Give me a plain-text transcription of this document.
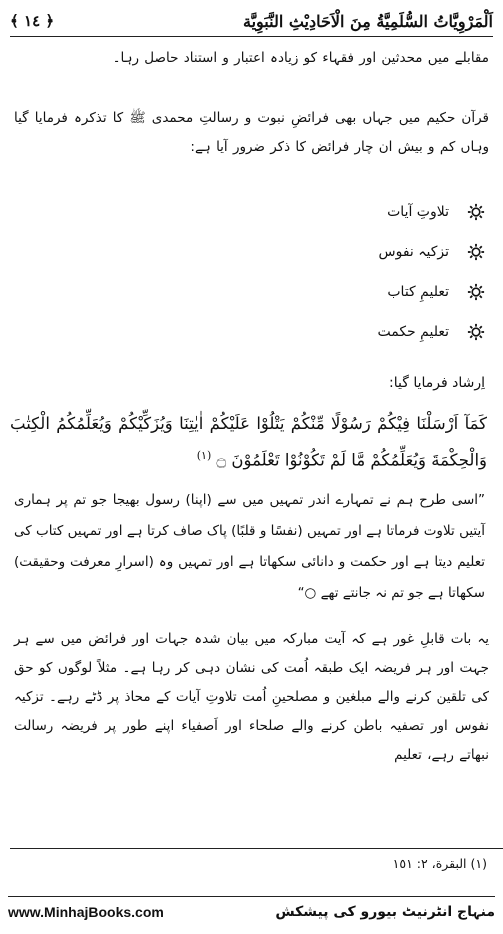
اَلْمَرْوِيَّاتُ السُّلَمِيَّةُ مِنَ الْاَحَادِيْثِ النَّبَوِيَّة
﴿ ١٤ ﴾
مقابلے میں محدثین اور فقہاء کو زیادہ اعتبار و استناد حاصل رہا۔
قرآن حکیم میں جہاں بھی فرائضِ نبوت و رسالتِ محمدی ﷺ کا تذکرہ فرمایا گیا وہاں کم و بیش ان چار فرائض کا ذکر ضرور آیا ہے:
تلاوتِ آیات
تزکیہ نفوس
تعلیمِ کتاب
تعلیمِ حکمت
اِرشاد فرمایا گیا:
كَمَآ اَرْسَلْنَا فِيْكُمْ رَسُوْلًا مِّنْكُمْ يَتْلُوْا عَلَيْكُمْ اٰيٰتِنَا وَيُزَكِّيْكُمْ وَيُعَلِّمُكُمُ الْكِتٰبَ وَالْحِكْمَةَ وَيُعَلِّمُكُمْ مَّا لَمْ تَكُوْنُوْا تَعْلَمُوْنَ ۝ $^{(١)}$
”اسی طرح ہم نے تمہارے اندر تمہیں میں سے (اپنا) رسول بھیجا جو تم پر ہماری آیتیں تلاوت فرماتا ہے اور تمہیں (نفسًا و قلبًا) پاک صاف کرتا ہے اور تمہیں کتاب کی تعلیم دیتا ہے اور حکمت و دانائی سکھاتا ہے اور تمہیں وہ (اسرارِ معرفت وحقیقت) سکھاتا ہے جو تم نہ جانتے تھے ○“
یہ بات قابلِ غور ہے کہ آیت مبارکہ میں بیان شدہ جہات اور فرائض میں سے ہر جہت اور ہر فریضہ ایک طبقہ اُمت کی نشان دہی کر رہا ہے۔ مثلاً لوگوں کو حق کی تلقین کرنے والے مبلغین و مصلحینِ اُمت تلاوتِ آیات کے محاذ پر ڈٹے رہے۔ تزکیہ نفوس اور تصفیہ باطن کرنے والے صلحاء اور اَصفیاء اپنے طور پر فریضہ رسالت نبھاتے رہے، تعلیم
(١) البقرة، ٢: ١٥١
منہاج انٹرنیٹ بیورو کی پیشکش
www.MinhajBooks.com
